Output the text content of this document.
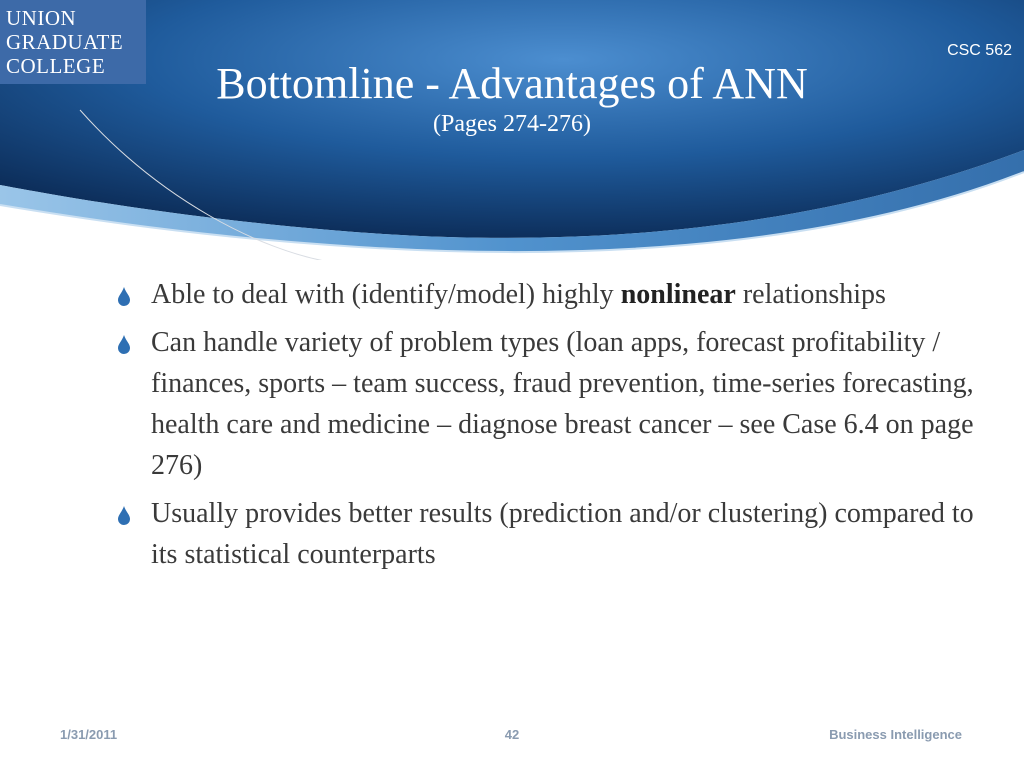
UNION
GRADUATE
COLLEGE
CSC 562
Bottomline - Advantages of ANN
(Pages 274-276)
Able to deal with (identify/model) highly nonlinear relationships
Can handle variety of problem types (loan apps, forecast profitability / finances, sports – team success, fraud prevention, time-series forecasting, health care and medicine – diagnose breast cancer – see Case 6.4 on page 276)
Usually provides better results (prediction and/or clustering) compared to its statistical counterparts
1/31/2011	42	Business Intelligence
